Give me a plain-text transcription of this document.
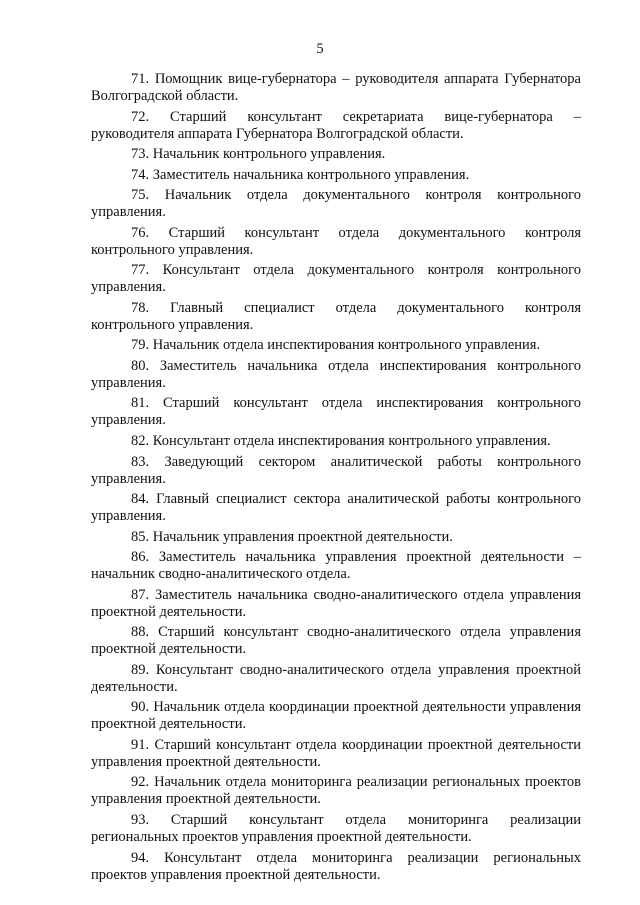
5

71. Помощник вице-губернатора – руководителя аппарата Губернатора Волгоградской области.

72. Старший консультант секретариата вице-губернатора – руководителя аппарата Губернатора Волгоградской области.

73. Начальник контрольного управления.

74. Заместитель начальника контрольного управления.

75. Начальник отдела документального контроля контрольного управления.

76. Старший консультант отдела документального контроля контрольного управления.

77. Консультант отдела документального контроля контрольного управления.

78. Главный специалист отдела документального контроля контрольного управления.

79. Начальник отдела инспектирования контрольного управления.

80. Заместитель начальника отдела инспектирования контрольного управления.

81. Старший консультант отдела инспектирования контрольного управления.

82. Консультант отдела инспектирования контрольного управления.

83. Заведующий сектором аналитической работы контрольного управления.

84. Главный специалист сектора аналитической работы контрольного управления.

85. Начальник управления проектной деятельности.

86. Заместитель начальника управления проектной деятельности – начальник сводно-аналитического отдела.

87. Заместитель начальника сводно-аналитического отдела управления проектной деятельности.

88. Старший консультант сводно-аналитического отдела управления проектной деятельности.

89. Консультант сводно-аналитического отдела управления проектной деятельности.

90. Начальник отдела координации проектной деятельности управления проектной деятельности.

91. Старший консультант отдела координации проектной деятельности управления проектной деятельности.

92. Начальник отдела мониторинга реализации региональных проектов управления проектной деятельности.

93. Старший консультант отдела мониторинга реализации региональных проектов управления проектной деятельности.

94. Консультант отдела мониторинга реализации региональных проектов управления проектной деятельности.
